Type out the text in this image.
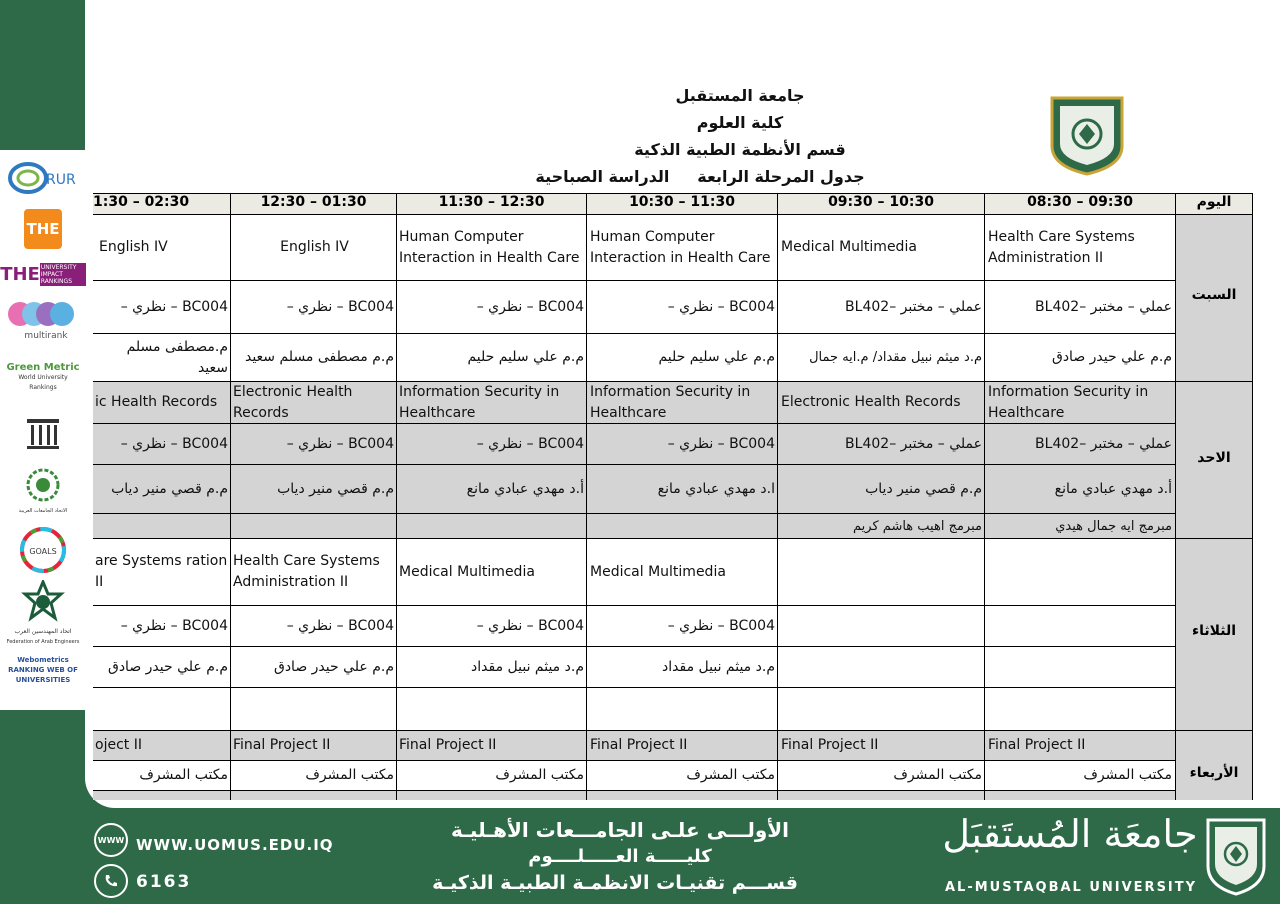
RUR
THE
THE UNIVERSITY IMPACT RANKINGS
multirank
Green Metric
World University Rankings
الاتحاد الجامعات العربية
GOALS
اتحاد المهندسين العرب
Federation of Arab Engineers
Webometrics RANKING WEB OF UNIVERSITIES
جامعة المستقبل
كلية العلوم
قسم الأنظمة الطبية الذكية
جدول المرحلة الرابعة     الدراسة الصباحية
08:30 – 09:30
09:30 – 10:30
10:30 – 11:30
11:30 – 12:30
12:30 – 01:30
1:30 – 02:30	اليوم
السبت
الاحد
الثلاثاء
الأربعاء
Health Care Systems Administration II
Medical Multimedia
Human Computer Interaction in Health Care
Human Computer Interaction in Health Care
English IV
English IV
عملي – مختبر –BL402
عملي – مختبر –BL402
BC004 – نظري –
BC004 – نظري –
BC004 – نظري –
BC004 – نظري –
م.م علي حيدر صادق
م.د ميثم نبيل مقداد/ م.ايه جمال
م.م علي سليم حليم
م.م علي سليم حليم
م.م مصطفى مسلم سعيد
م.مصطفى مسلم سعيد
Information Security in Healthcare
Electronic Health Records
Information Security in Healthcare
Information Security in Healthcare
Electronic Health Records
ic Health Records
عملي – مختبر –BL402
عملي – مختبر –BL402
BC004 – نظري –
BC004 – نظري –
BC004 – نظري –
BC004 – نظري –
أ.د مهدي عبادي مانع
م.م قصي منير دياب
ا.د مهدي عبادي مانع
أ.د مهدي عبادي مانع
م.م قصي منير دياب
م.م قصي منير دياب
مبرمج ايه جمال هيدي
مبرمج اهيب هاشم كريم
Medical Multimedia
Medical Multimedia
Health Care Systems Administration II
are Systems ration II
BC004 – نظري –
BC004 – نظري –
BC004 – نظري –
BC004 – نظري –
م.د ميثم نبيل مقداد
م.د ميثم نبيل مقداد
م.م علي حيدر صادق
م.م علي حيدر صادق
Final Project II
Final Project II
Final Project II
Final Project II
Final Project II
oject II
مكتب المشرف
مكتب المشرف
مكتب المشرف
مكتب المشرف
مكتب المشرف
مكتب المشرف
WWW WWW.UOMUS.EDU.IQ
6163
الأولـــى علـى الجامـــعات الأهـليـة
كليـــــة العـــــلــــوم
قســـم تقنيـات الانظمـة الطبيـة الذكيـة
جامعَة المُستَقبَل
AL-MUSTAQBAL UNIVERSITY
